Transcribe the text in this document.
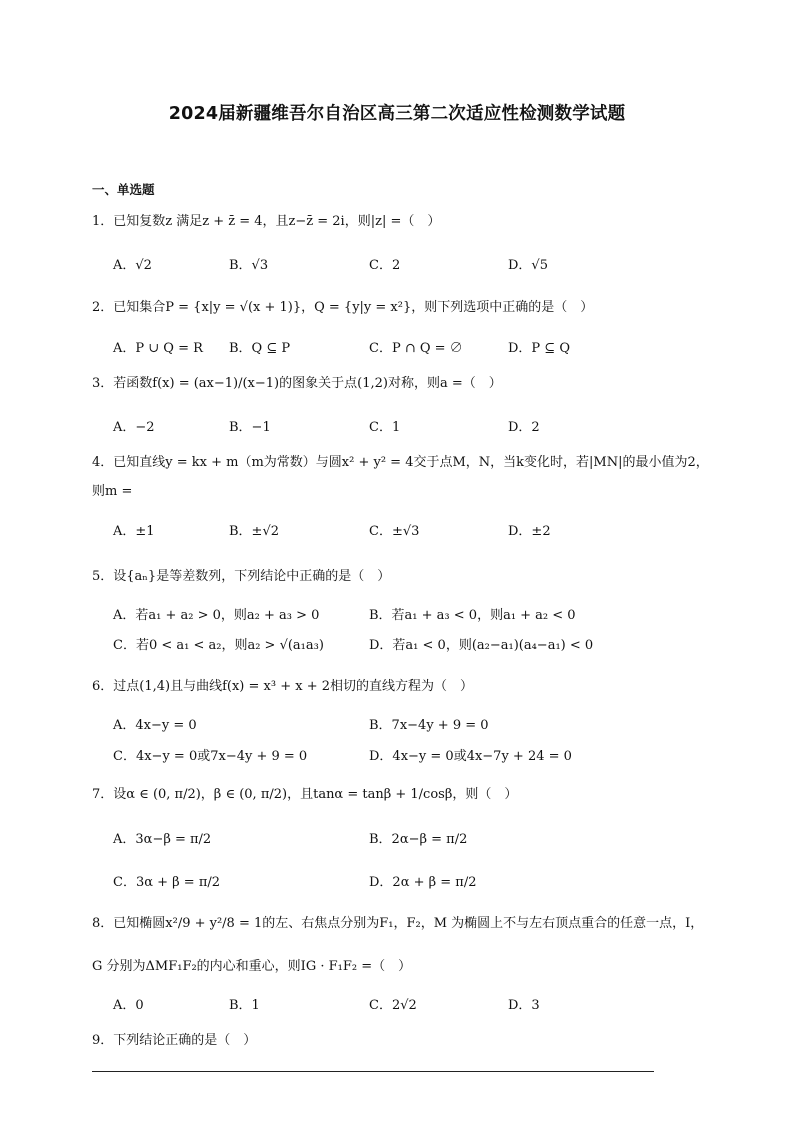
2024届新疆维吾尔自治区高三第二次适应性检测数学试题
一、单选题
1．已知复数z 满足z + z̄ = 4，且z−z̄ = 2i，则|z| =（　）
A．√2	B．√3	C．2	D．√5
2．已知集合P = {x|y = √(x + 1)}，Q = {y|y = x²}，则下列选项中正确的是（　）
A．P ∪ Q = R B．Q ⊆ P	C．P ∩ Q = ∅	D．P ⊆ Q
3．若函数f(x) = (ax−1)/(x−1)的图象关于点(1,2)对称，则a =（　）
A．−2	B．−1	C．1	D．2
4．已知直线y = kx + m（m为常数）与圆x² + y² = 4交于点M，N，当k变化时，若|MN|的最小值为2，
则m =
A．±1	B．±√2	C．±√3	D．±2
5．设{aₙ}是等差数列，下列结论中正确的是（　）
A．若a₁ + a₂ > 0，则a₂ + a₃ > 0	B．若a₁ + a₃ < 0，则a₁ + a₂ < 0
C．若0 < a₁ < a₂，则a₂ > √(a₁a₃)	D．若a₁ < 0，则(a₂−a₁)(a₄−a₁) < 0
6．过点(1,4)且与曲线f(x) = x³ + x + 2相切的直线方程为（　）
A．4x−y = 0	B．7x−4y + 9 = 0
C．4x−y = 0或7x−4y + 9 = 0	D．4x−y = 0或4x−7y + 24 = 0
7．设α ∈ (0, π/2)，β ∈ (0, π/2)，且tanα = tanβ + 1/cosβ，则（　）
A．3α−β = π/2	B．2α−β = π/2
C．3α + β = π/2	D．2α + β = π/2
8．已知椭圆x²/9 + y²/8 = 1的左、右焦点分别为F₁，F₂，M 为椭圆上不与左右顶点重合的任意一点，I，
G 分别为ΔMF₁F₂的内心和重心，则IG · F₁F₂ =（　）
A．0	B．1	C．2√2	D．3
9．下列结论正确的是（　）
